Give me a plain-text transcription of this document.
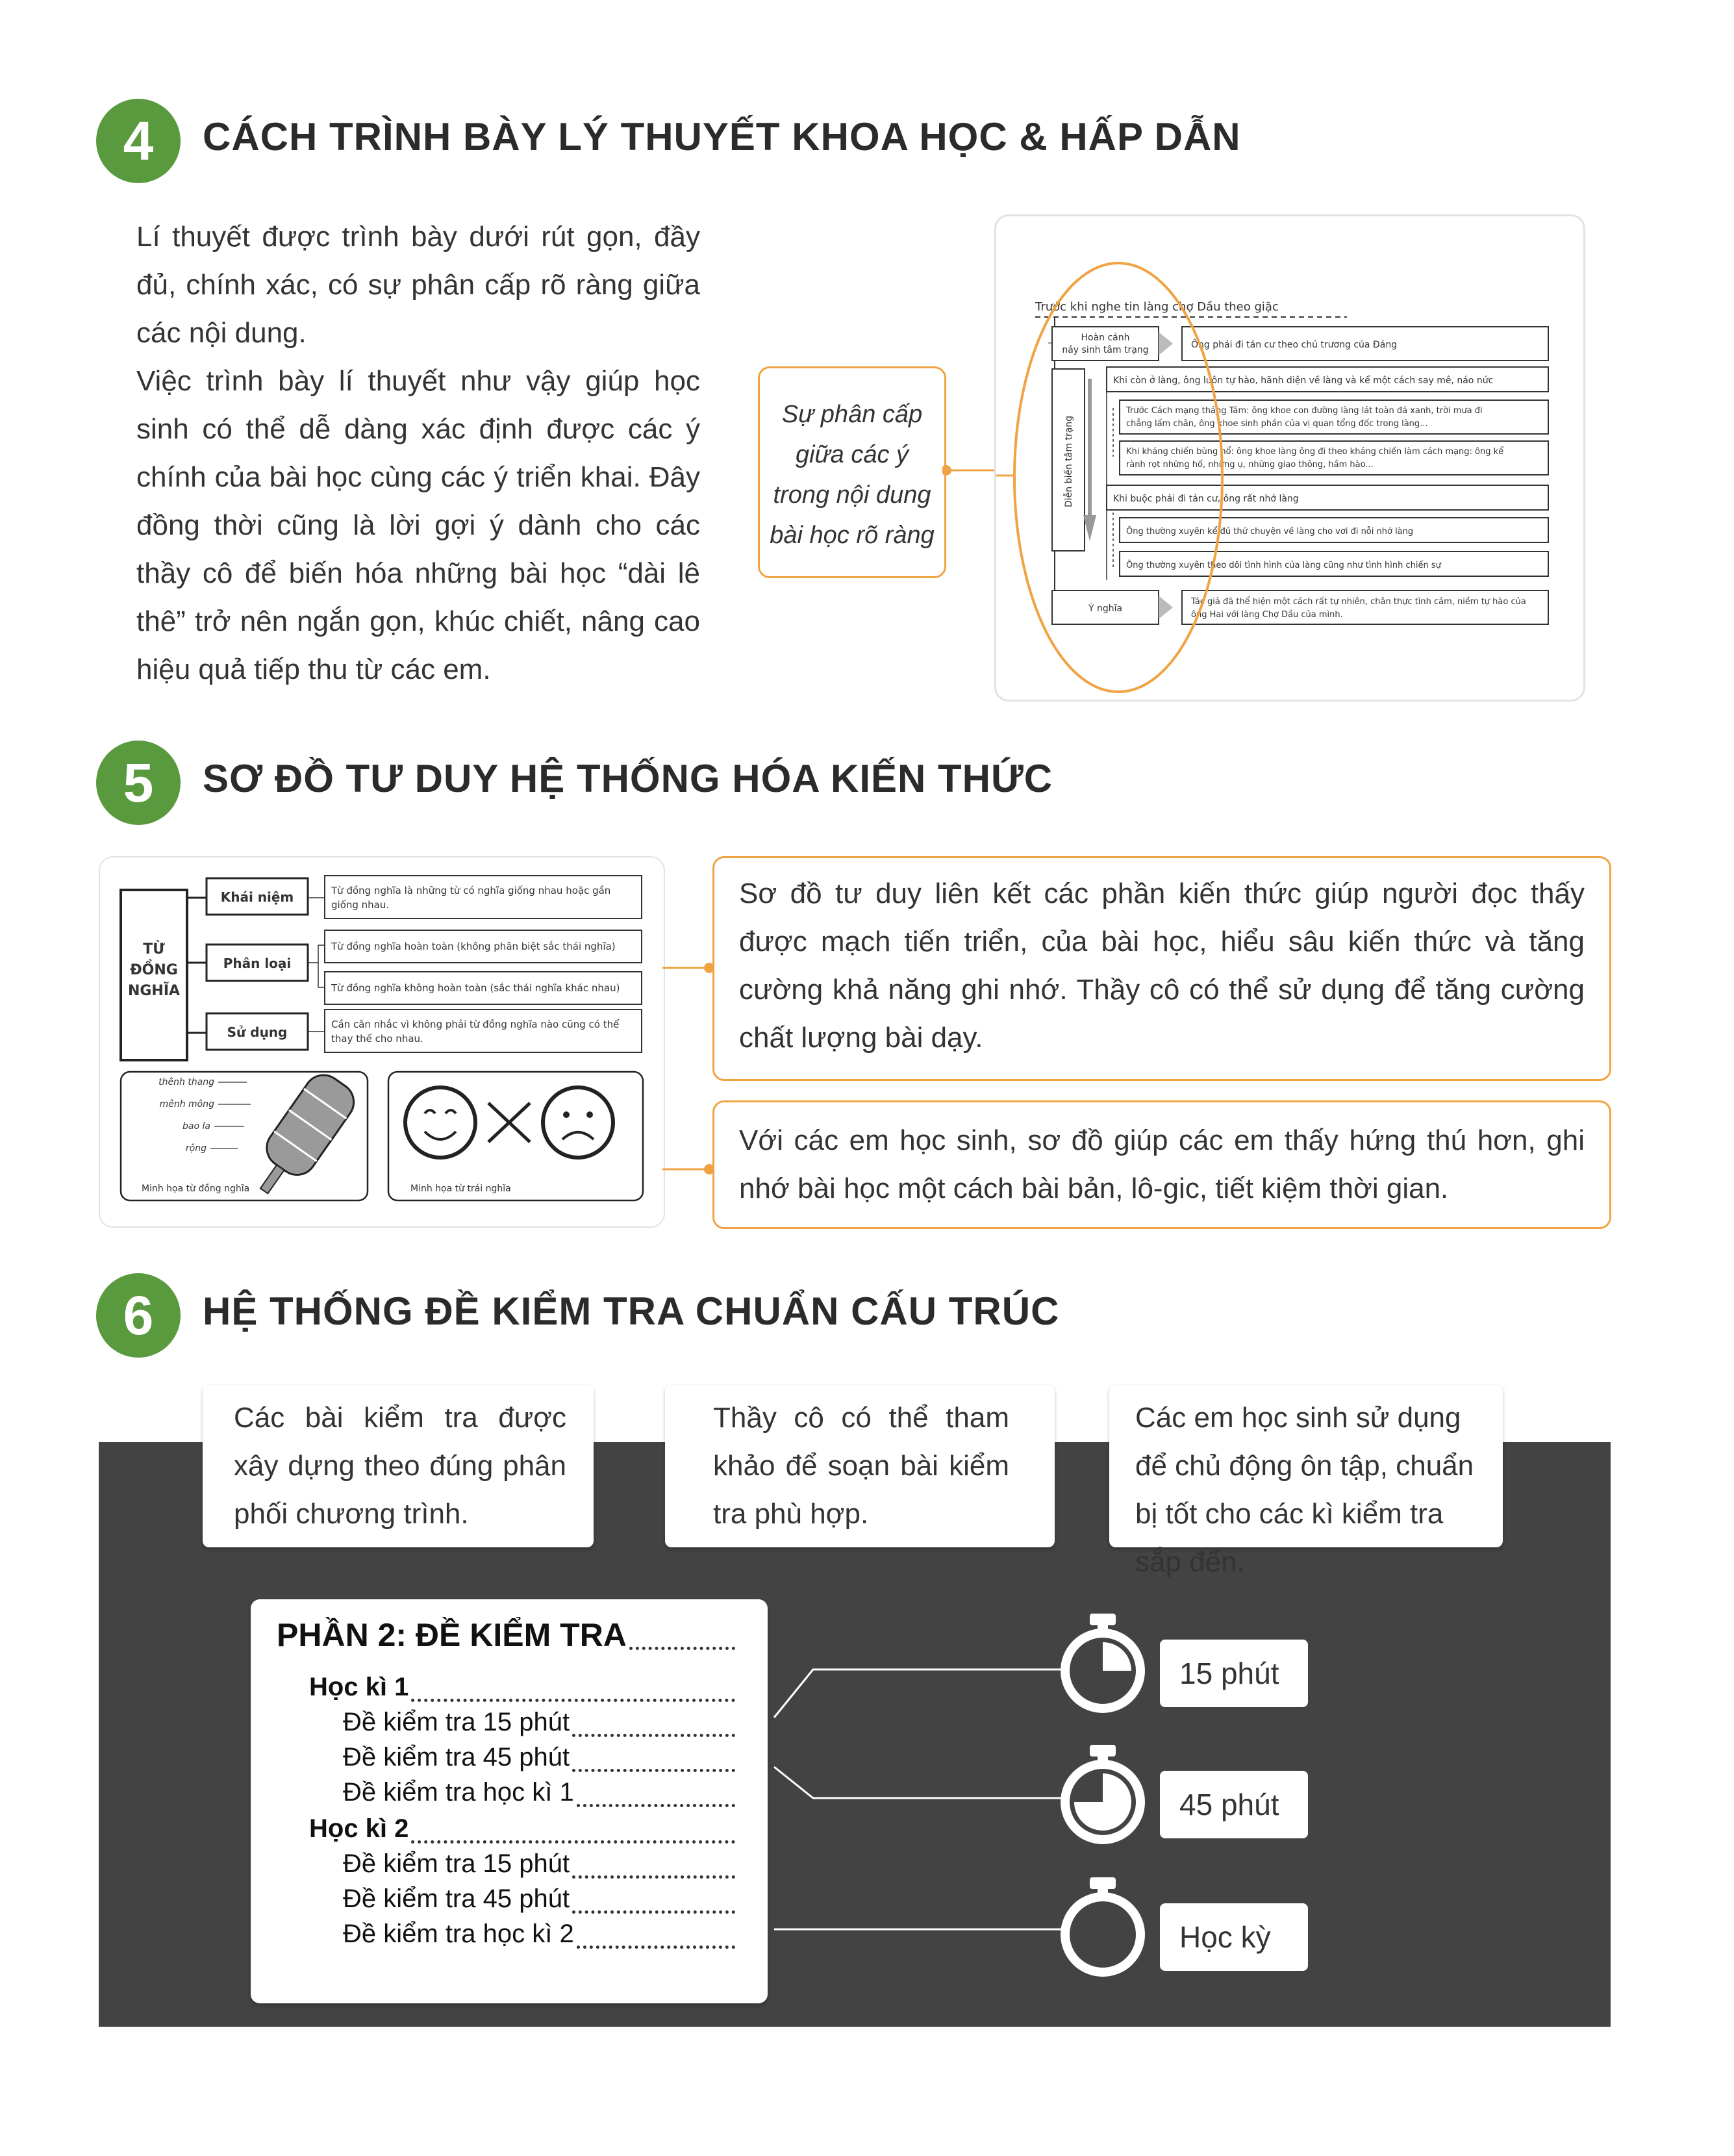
4	CÁCH TRÌNH BÀY LÝ THUYẾT KHOA HỌC & HẤP DẪN
Lí thuyết được trình bày dưới rút gọn, đầy đủ, chính xác, có sự phân cấp rõ ràng giữa các nội dung.
Việc trình bày lí thuyết như vậy giúp học sinh có thể dễ dàng xác định được các ý chính của bài học cùng các ý triển khai. Đây đồng thời cũng là lời gợi ý dành cho các thầy cô để biến hóa những bài học “dài lê thê” trở nên ngắn gọn, khúc chiết, nâng cao hiệu quả tiếp thu từ các em.
Sự phân cấp
giữa các ý
trong nội dung
bài học rõ ràng
Trước khi nghe tin làng chợ Dầu theo giặc
Hoàn cảnh
nảy sinh tâm trạng	Ông phải đi tản cư theo chủ trương của Đảng
Diễn biến tâm trạng
Khi còn ở làng, ông luôn tự hào, hãnh diện về làng và kể một cách say mê, náo nức
Trước Cách mạng tháng Tám: ông khoe con đường làng lát toàn đá xanh, trời mưa đi
chẳng lấm chân, ông khoe sinh phần của vị quan tổng đốc trong làng...
Khi kháng chiến bùng nổ: ông khoe làng ông đi theo kháng chiến làm cách mạng: ông kể
rành rọt những hố, những ụ, những giao thông, hầm hào...
Khi buộc phải đi tản cư, ông rất nhớ làng
Ông thường xuyên kể đủ thứ chuyện về làng cho vơi đi nỗi nhớ làng
Ông thường xuyên theo dõi tình hình của làng cũng như tình hình chiến sự
Ý nghĩa
Tác giả đã thể hiện một cách rất tự nhiên, chân thực tình cảm, niềm tự hào của
ông Hai với làng Chợ Dầu của mình.
5	SƠ ĐỒ TƯ DUY HỆ THỐNG HÓA KIẾN THỨC
TỪ
ĐỒNG
NGHĨA
Khái niệm
Phân loại
Sử dụng
Từ đồng nghĩa là những từ có nghĩa giống nhau hoặc gần
giống nhau.
Từ đồng nghĩa hoàn toàn (không phân biệt sắc thái nghĩa)
Từ đồng nghĩa không hoàn toàn (sắc thái nghĩa khác nhau)
Cần cân nhắc vì không phải từ đồng nghĩa nào cũng có thể
thay thế cho nhau.
thênh thang
mênh mông
bao la
rộng
Minh họa từ đồng nghĩa	Minh họa từ trái nghĩa
Sơ đồ tư duy liên kết các phần kiến thức giúp người đọc thấy được mạch tiến triển, của bài học, hiểu sâu kiến thức và tăng cường khả năng ghi nhớ. Thầy cô có thể sử dụng để tăng cường chất lượng bài dạy.
Với các em học sinh, sơ đồ giúp các em thấy hứng thú hơn, ghi nhớ bài học một cách bài bản, lô-gic, tiết kiệm thời gian.
6	HỆ THỐNG ĐỀ KIỂM TRA CHUẨN CẤU TRÚC
Các bài kiểm tra được xây dựng theo đúng phân phối chương trình.
Thầy cô có thể tham khảo để soạn bài kiểm tra phù hợp.
Các em học sinh sử dụng để chủ động ôn tập, chuẩn bị tốt cho các kì kiểm tra sắp đến.
PHẦN 2: ĐỀ KIỂM TRA
Học kì 1
Đề kiểm tra 15 phút
Đề kiểm tra 45 phút
Đề kiểm tra học kì 1
Học kì 2
Đề kiểm tra 15 phút
Đề kiểm tra 45 phút
Đề kiểm tra học kì 2
15 phút
45 phút
Học kỳ
